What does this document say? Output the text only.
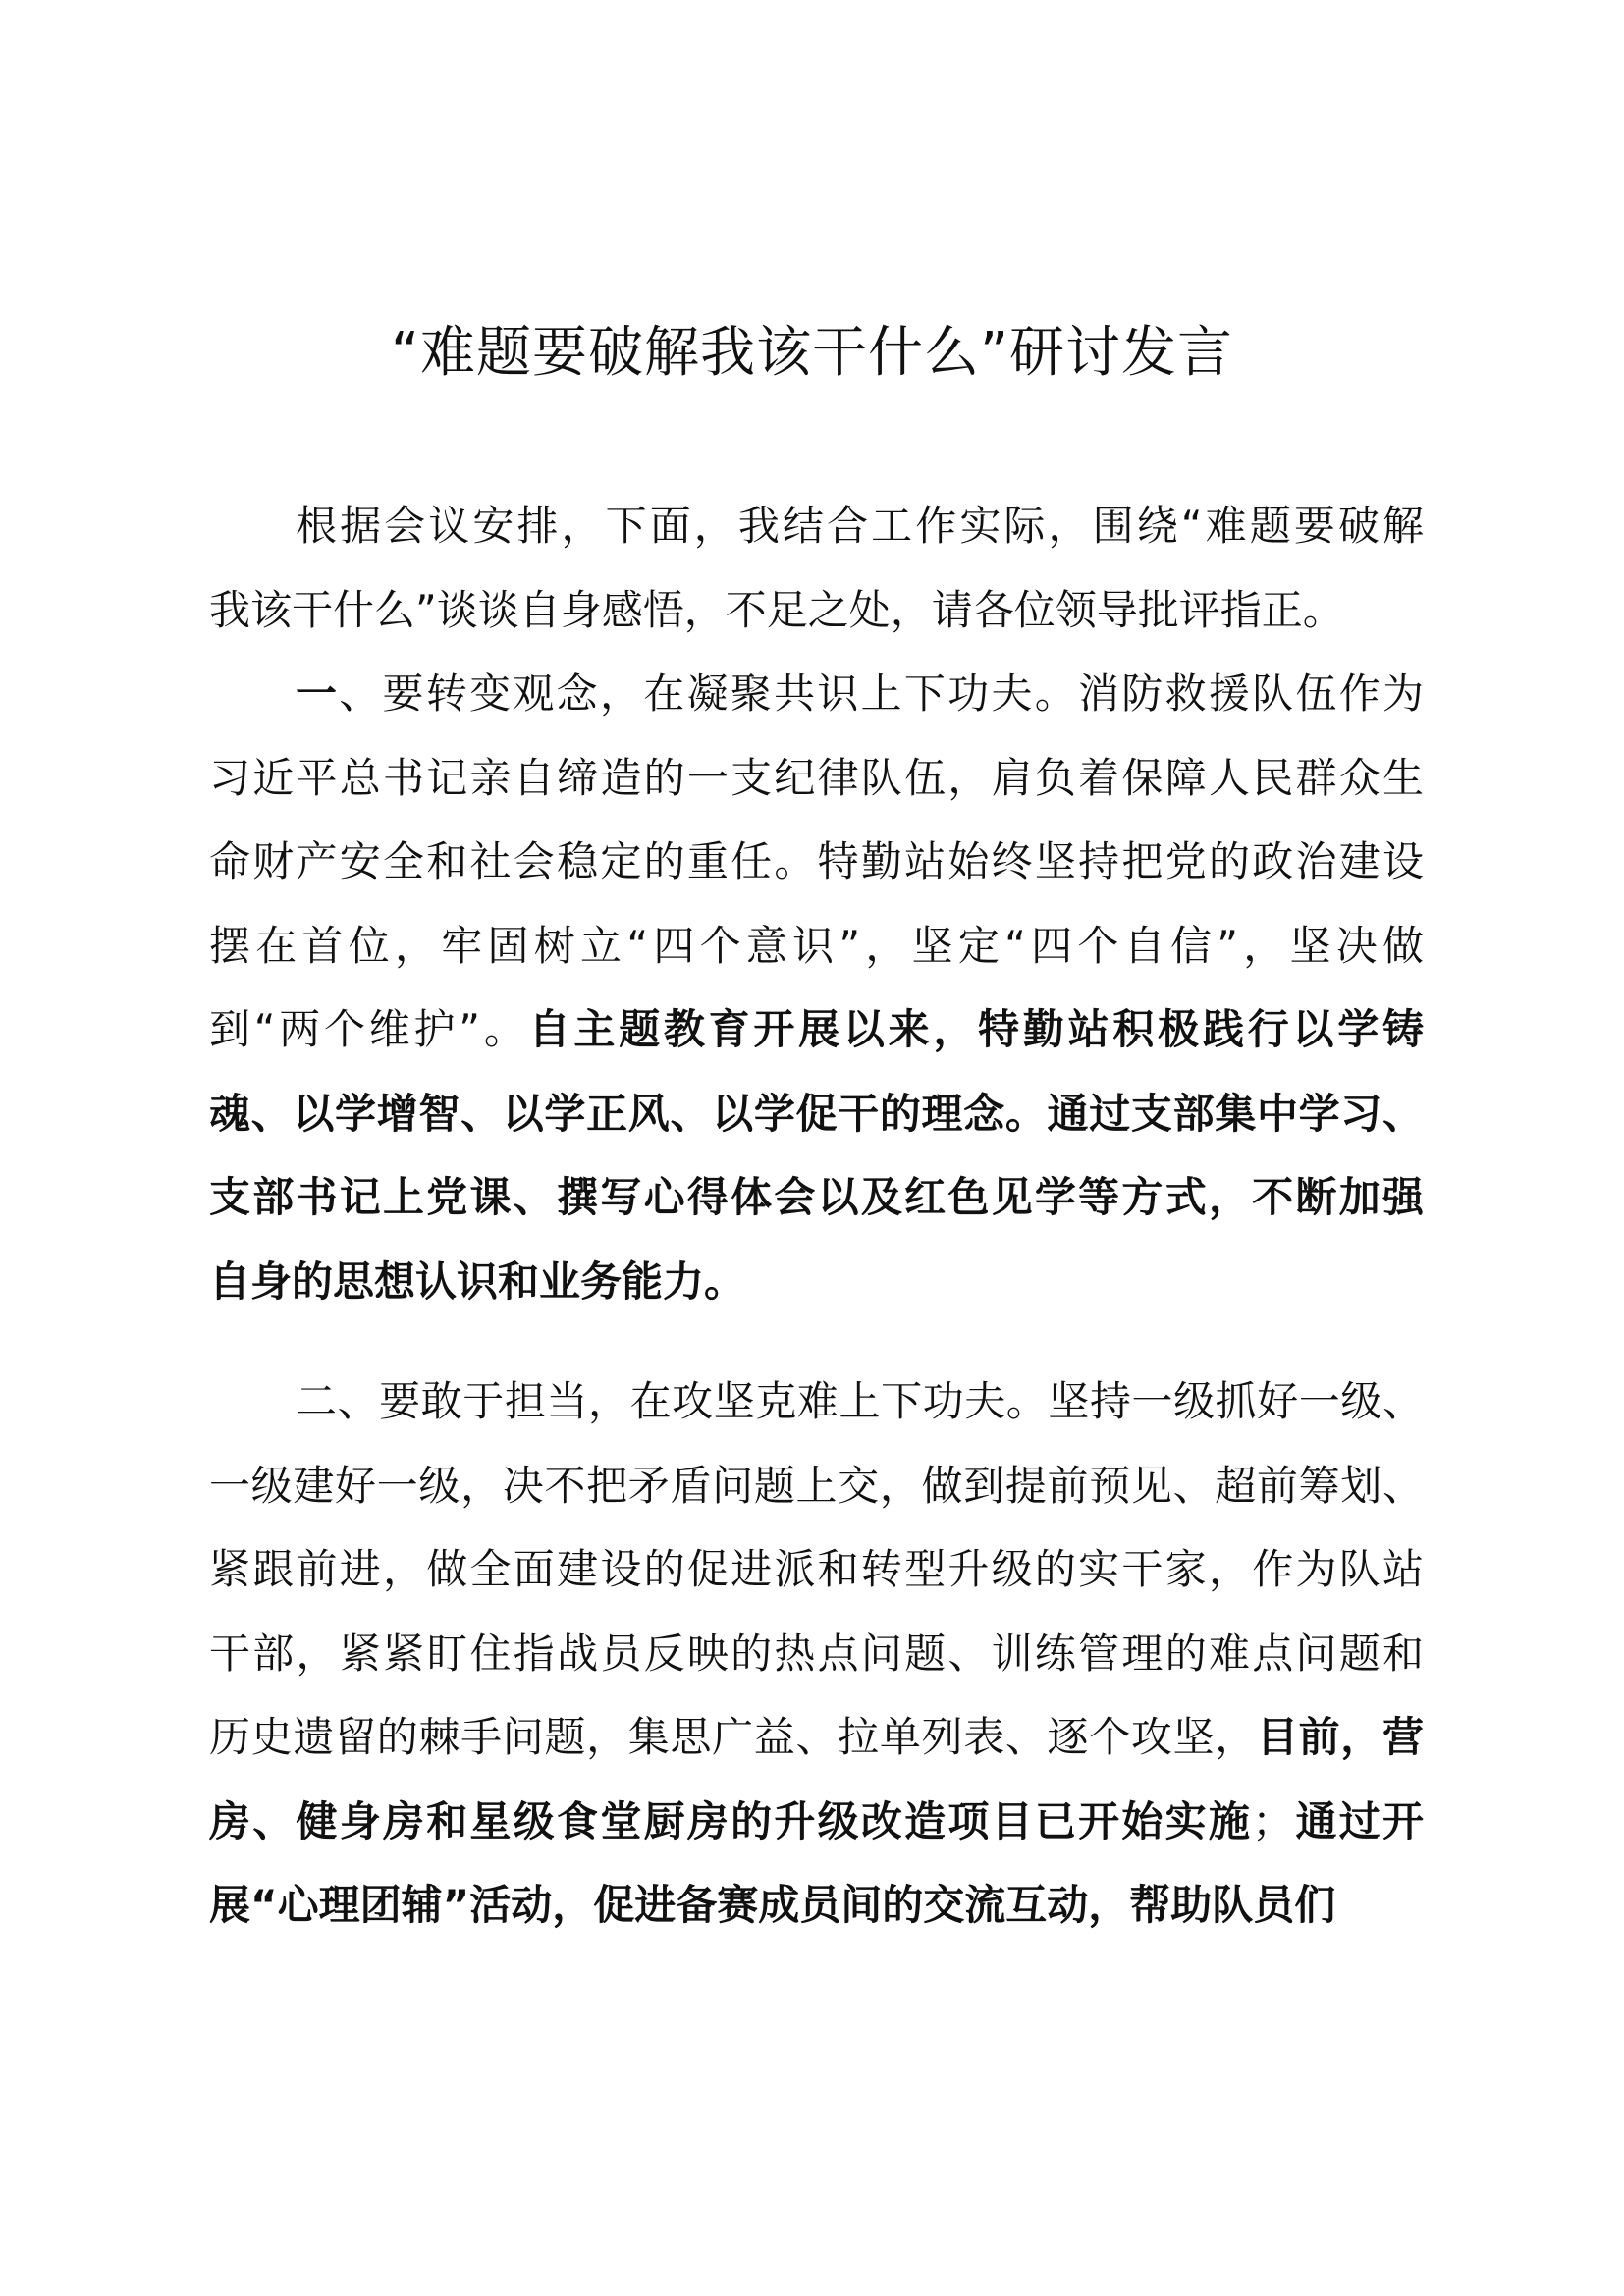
“难题要破解我该干什么”研讨发言
根据会议安排，下面，我结合工作实际，围绕“难题要破解
我该干什么”谈谈自身感悟，不足之处，请各位领导批评指正。
一、要转变观念，在凝聚共识上下功夫。消防救援队伍作为
习近平总书记亲自缔造的一支纪律队伍，肩负着保障人民群众生
命财产安全和社会稳定的重任。特勤站始终坚持把党的政治建设
摆在首位，牢固树立“四个意识”，坚定“四个自信”，坚决做
到“两个维护”。自主题教育开展以来，特勤站积极践行以学铸
魂、以学增智、以学正风、以学促干的理念。通过支部集中学习、
支部书记上党课、撰写心得体会以及红色见学等方式，不断加强
自身的思想认识和业务能力。
二、要敢于担当，在攻坚克难上下功夫。坚持一级抓好一级、
一级建好一级，决不把矛盾问题上交，做到提前预见、超前筹划、
紧跟前进，做全面建设的促进派和转型升级的实干家，作为队站
干部，紧紧盯住指战员反映的热点问题、训练管理的难点问题和
历史遗留的棘手问题，集思广益、拉单列表、逐个攻坚，目前，营
房、健身房和星级食堂厨房的升级改造项目已开始实施；通过开
展“心理团辅”活动，促进备赛成员间的交流互动，帮助队员们
